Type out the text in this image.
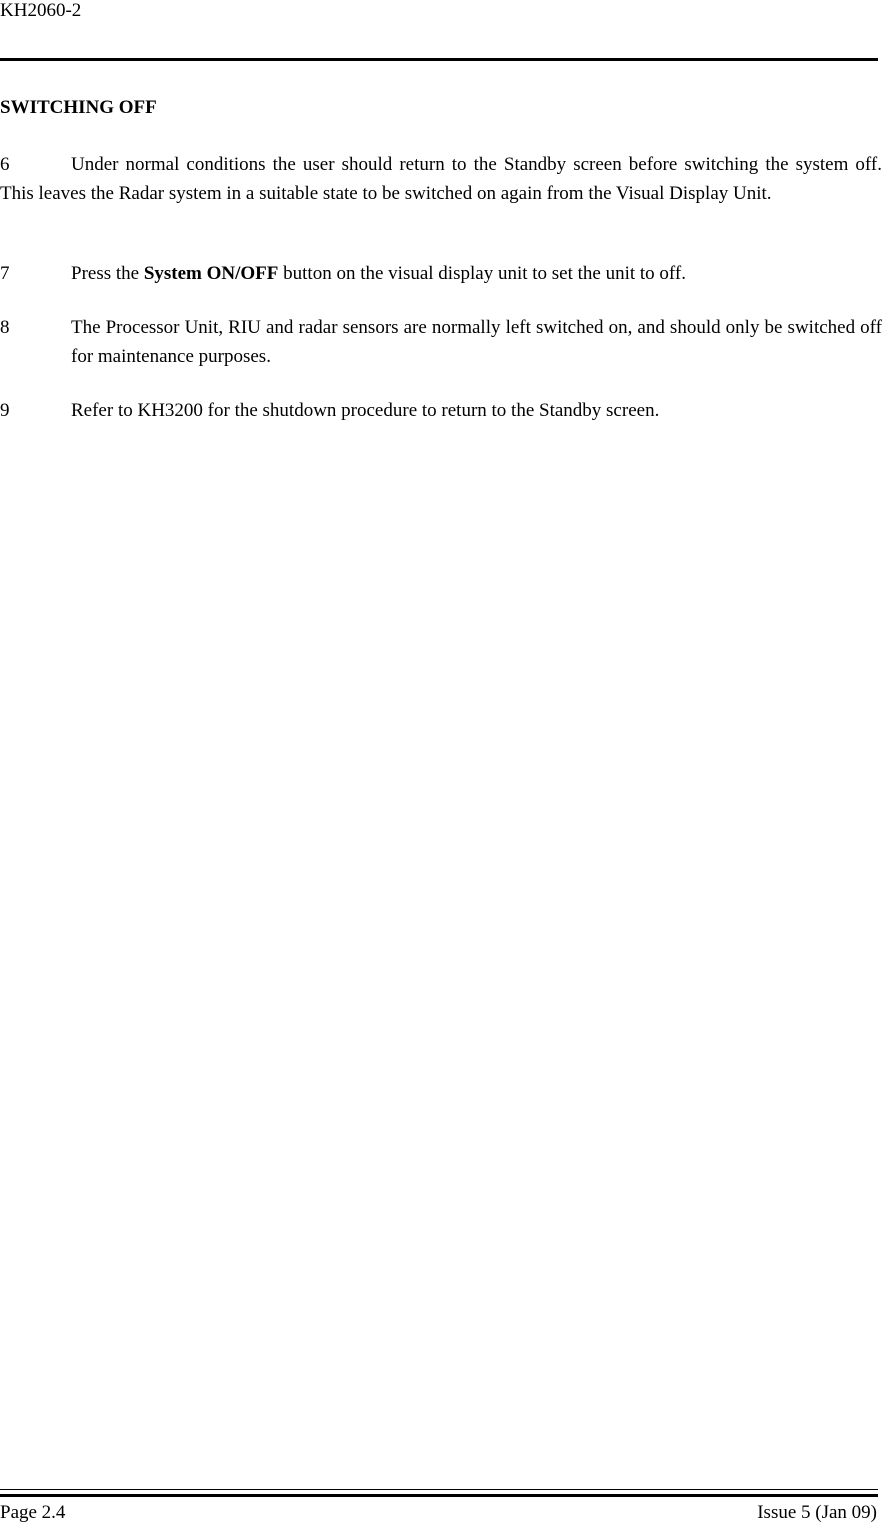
KH2060-2
SWITCHING OFF
6	Under normal conditions the user should return to the Standby screen before switching the system off. This leaves the Radar system in a suitable state to be switched on again from the Visual Display Unit.
7	Press the System ON/OFF button on the visual display unit to set the unit to off.
8	The Processor Unit, RIU and radar sensors are normally left switched on, and should only be switched off for maintenance purposes.
9	Refer to KH3200 for the shutdown procedure to return to the Standby screen.
Page 2.4	Issue 5 (Jan 09)
